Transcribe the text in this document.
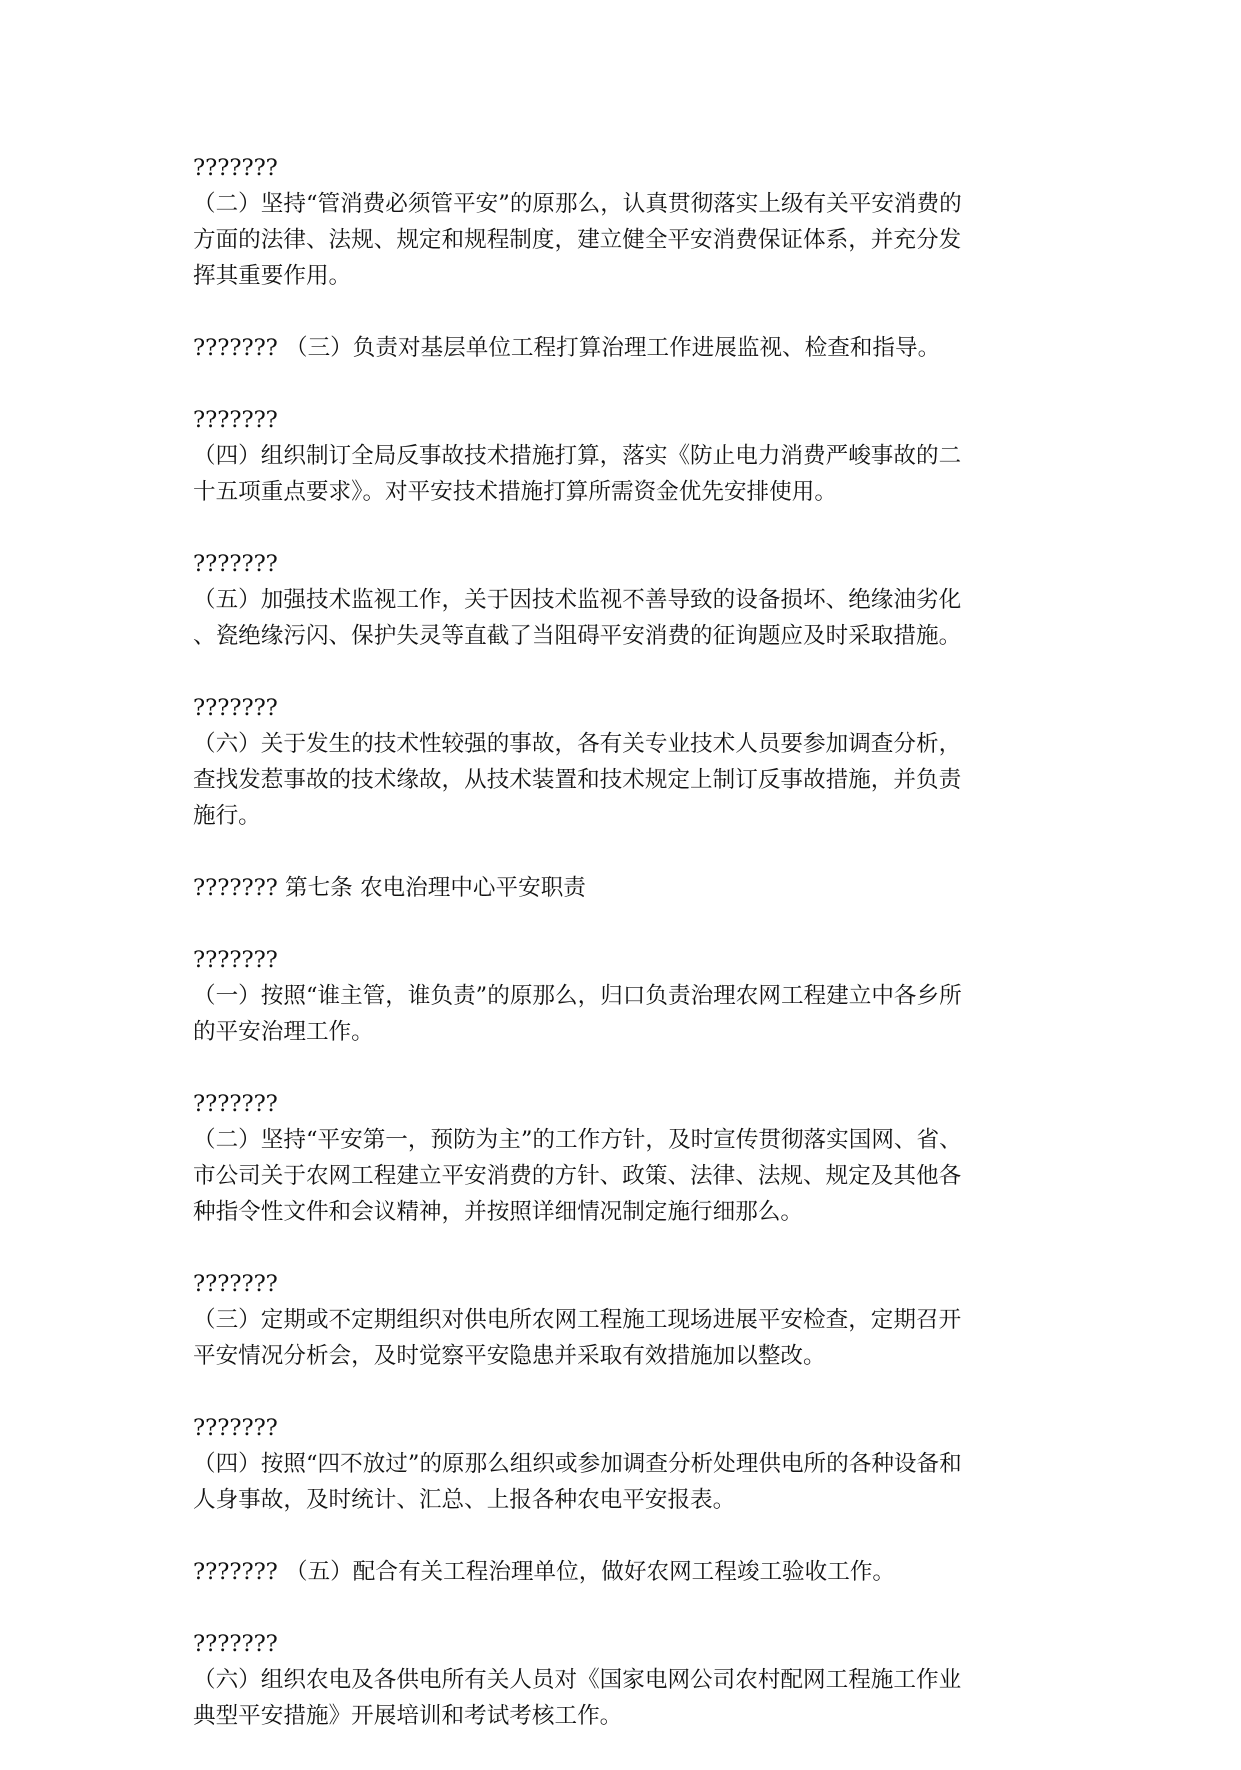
???????
（二）坚持“管消费必须管平安”的原那么，认真贯彻落实上级有关平安消费的
方面的法律、法规、规定和规程制度，建立健全平安消费保证体系，并充分发
挥其重要作用。
??????? （三）负责对基层单位工程打算治理工作进展监视、检查和指导。
???????
（四）组织制订全局反事故技术措施打算，落实《防止电力消费严峻事故的二
十五项重点要求》。对平安技术措施打算所需资金优先安排使用。
???????
（五）加强技术监视工作，关于因技术监视不善导致的设备损坏、绝缘油劣化
、瓷绝缘污闪、保护失灵等直截了当阻碍平安消费的征询题应及时采取措施。
???????
（六）关于发生的技术性较强的事故，各有关专业技术人员要参加调查分析，
查找发惹事故的技术缘故，从技术装置和技术规定上制订反事故措施，并负责
施行。
??????? 第七条 农电治理中心平安职责
???????
（一）按照“谁主管，谁负责”的原那么，归口负责治理农网工程建立中各乡所
的平安治理工作。
???????
（二）坚持“平安第一，预防为主”的工作方针，及时宣传贯彻落实国网、省、
市公司关于农网工程建立平安消费的方针、政策、法律、法规、规定及其他各
种指令性文件和会议精神，并按照详细情况制定施行细那么。
???????
（三）定期或不定期组织对供电所农网工程施工现场进展平安检查，定期召开
平安情况分析会，及时觉察平安隐患并采取有效措施加以整改。
???????
（四）按照“四不放过”的原那么组织或参加调查分析处理供电所的各种设备和
人身事故，及时统计、汇总、上报各种农电平安报表。
??????? （五）配合有关工程治理单位，做好农网工程竣工验收工作。
???????
（六）组织农电及各供电所有关人员对《国家电网公司农村配网工程施工作业
典型平安措施》开展培训和考试考核工作。
